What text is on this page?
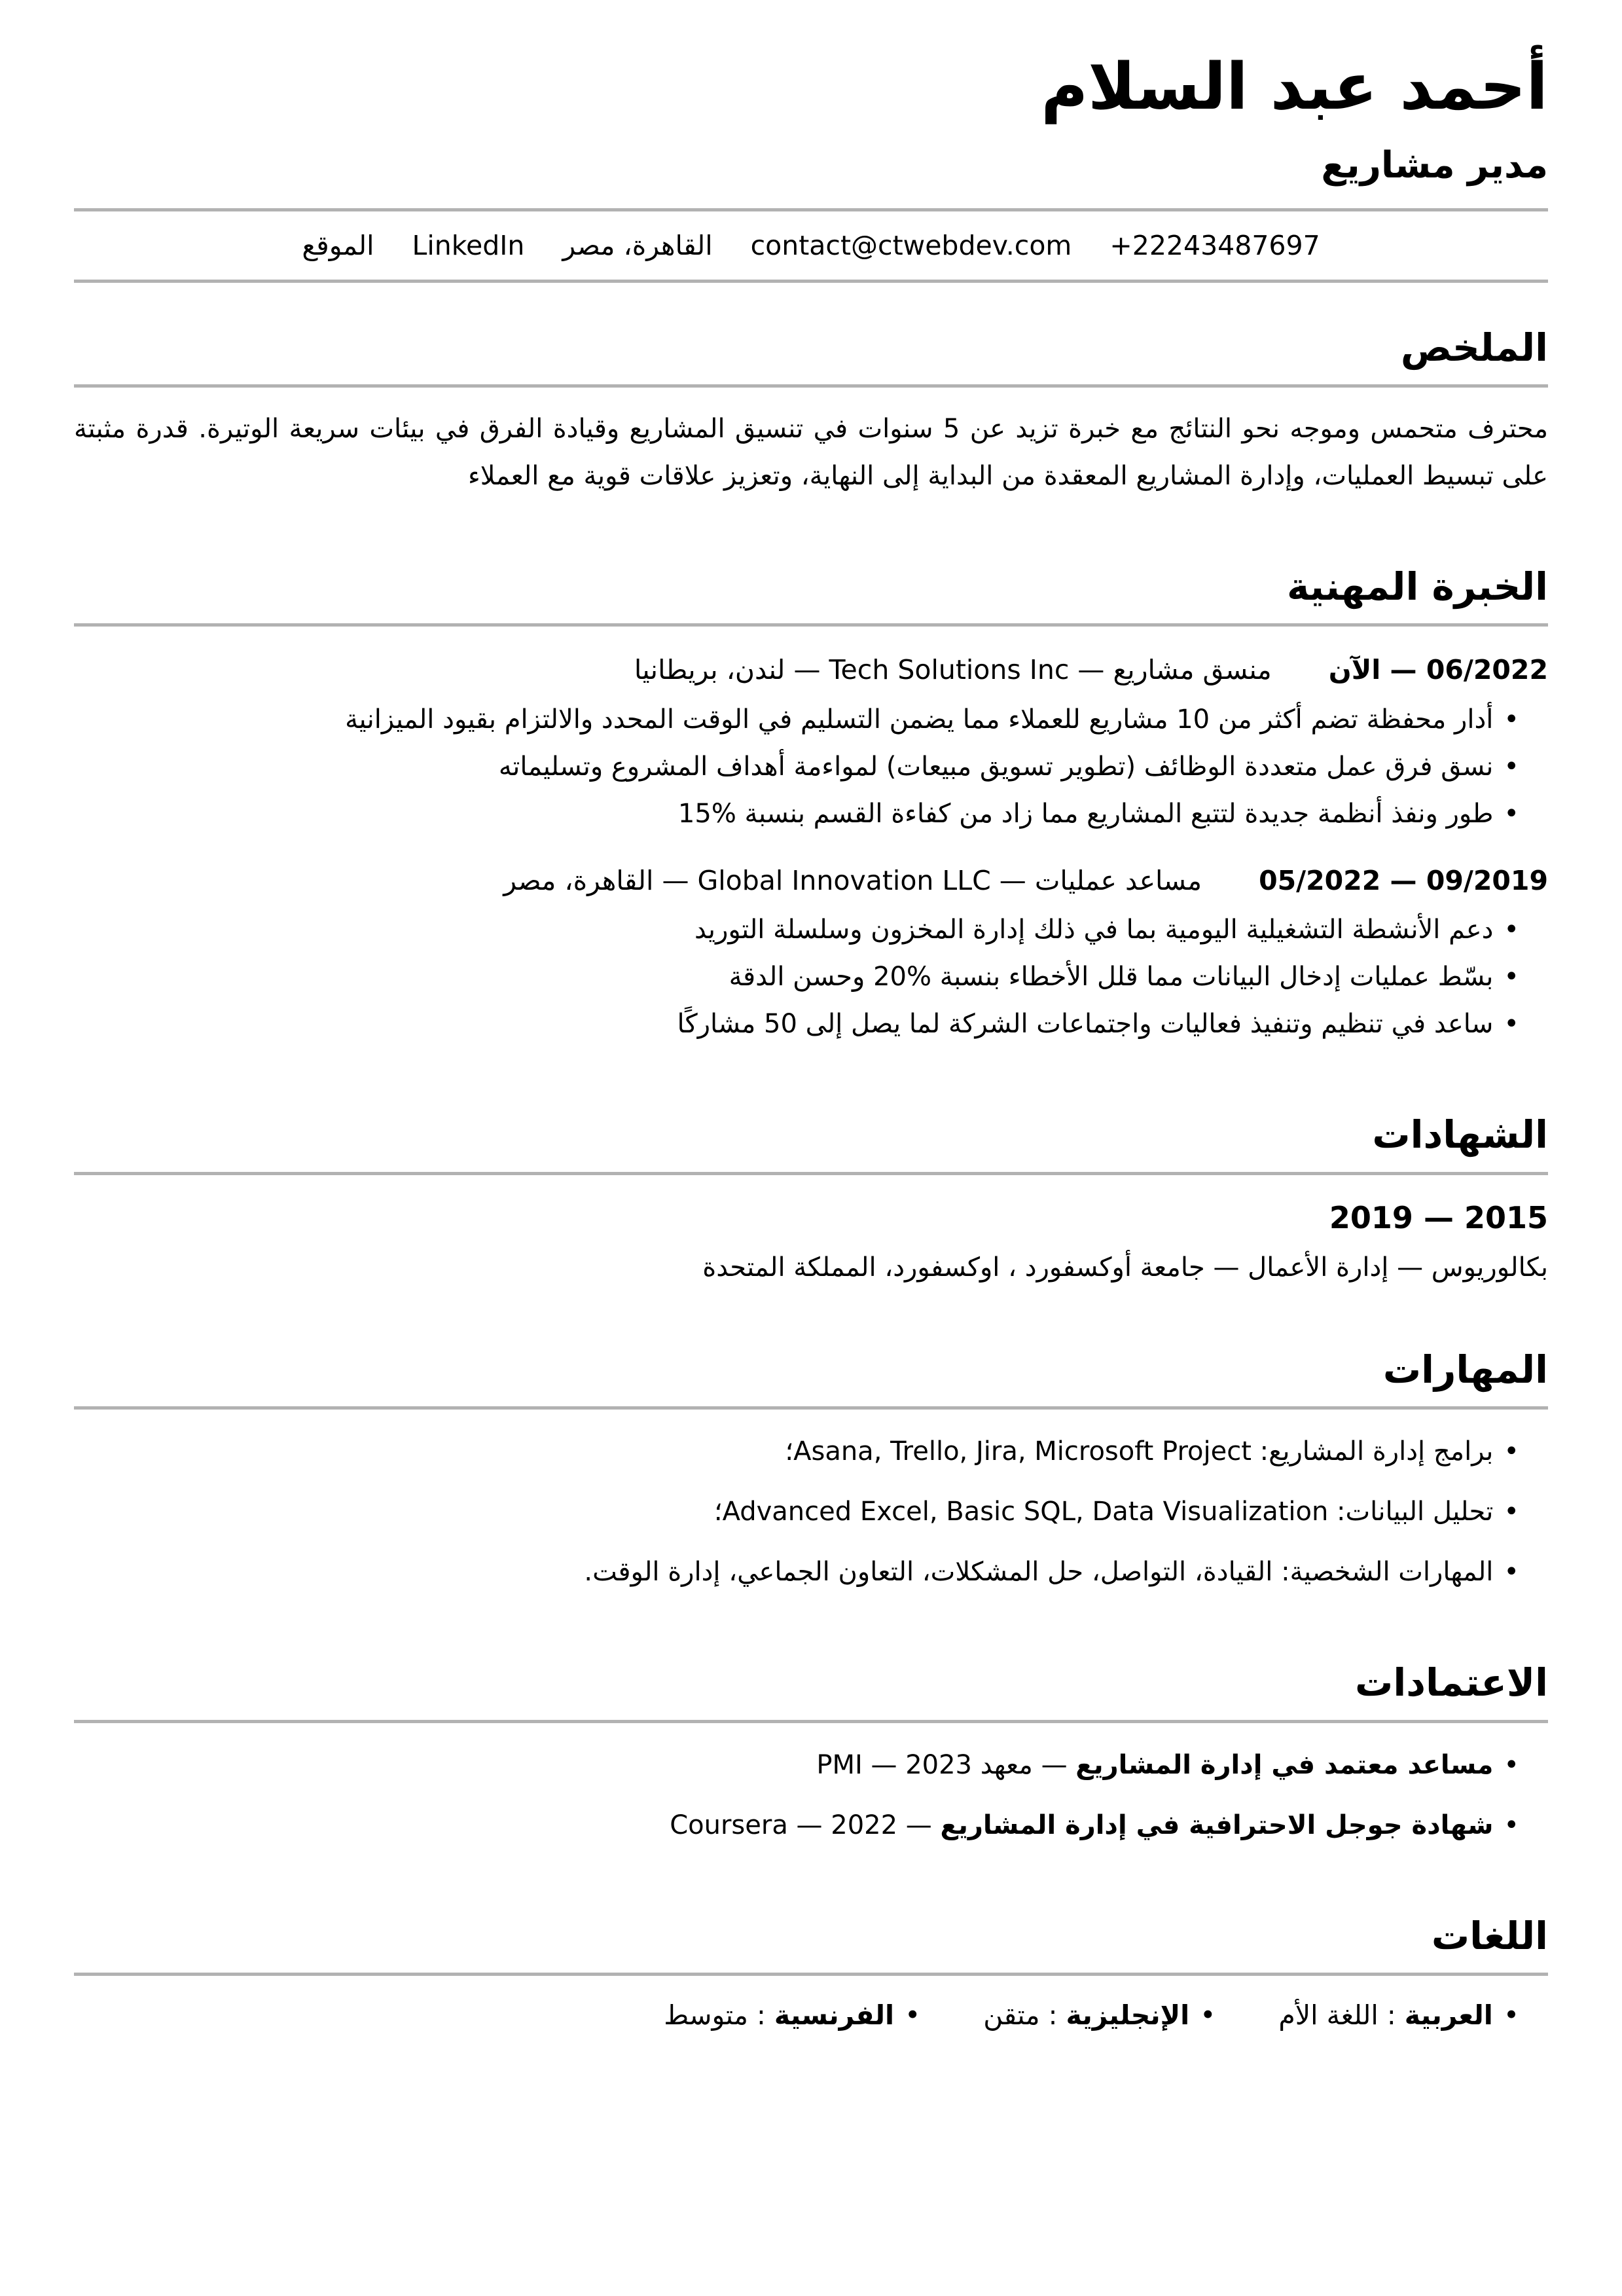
أحمد عبد السلام
مدير مشاريع
+22243487697
contact@ctwebdev.com
القاهرة، مصر
LinkedIn
الموقع
الملخص

محترف متحمس وموجه نحو النتائج مع خبرة تزيد عن 5 سنوات في تنسيق المشاريع وقيادة الفرق في بيئات سريعة الوتيرة. قدرة مثبتة على تبسيط العمليات، وإدارة المشاريع المعقدة من البداية إلى النهاية، وتعزيز علاقات قوية مع العملاء

الخبرة المهنية
06/2022 — الآن منسق مشاريع — Tech Solutions Inc — لندن، بريطانيا
• أدار محفظة تضم أكثر من 10 مشاريع للعملاء مما يضمن التسليم في الوقت المحدد والالتزام بقيود الميزانية
• نسق فرق عمل متعددة الوظائف (تطوير تسويق مبيعات) لمواءمة أهداف المشروع وتسليماته
• طور ونفذ أنظمة جديدة لتتبع المشاريع مما زاد من كفاءة القسم بنسبة %15
09/2019 — 05/2022 مساعد عمليات — Global Innovation LLC — القاهرة، مصر
• دعم الأنشطة التشغيلية اليومية بما في ذلك إدارة المخزون وسلسلة التوريد
• بسّط عمليات إدخال البيانات مما قلل الأخطاء بنسبة %20 وحسن الدقة
• ساعد في تنظيم وتنفيذ فعاليات واجتماعات الشركة لما يصل إلى 50 مشاركًا
الشهادات
2015 — 2019
بكالوريوس — إدارة الأعمال — جامعة أوكسفورد ، اوكسفورد، المملكة المتحدة
المهارات
• برامج إدارة المشاريع: Asana, Trello, Jira, Microsoft Project؛
• تحليل البيانات: Advanced Excel, Basic SQL, Data Visualization؛
• المهارات الشخصية: القيادة، التواصل، حل المشكلات، التعاون الجماعي، إدارة الوقت.
الاعتمادات
• مساعد معتمد في إدارة المشاريع — معهد PMI — 2023
• شهادة جوجل الاحترافية في إدارة المشاريع — Coursera — 2022
اللغات
• العربية : اللغة الأم
• الإنجليزية : متقن
• الفرنسية : متوسط
